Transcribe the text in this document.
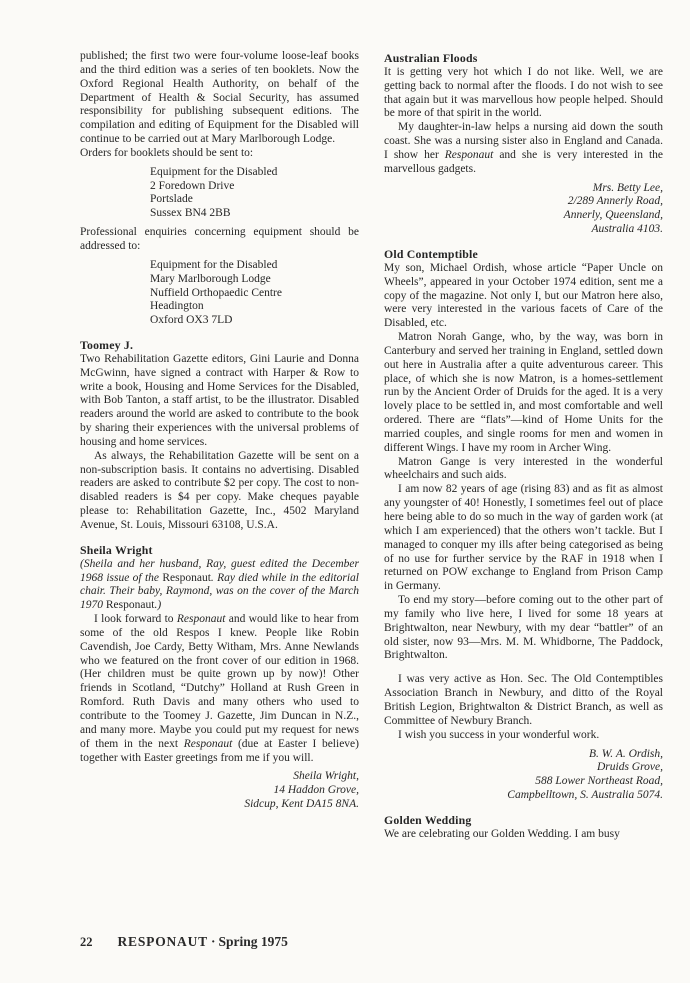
published; the first two were four-volume loose-leaf books and the third edition was a series of ten booklets. Now the Oxford Regional Health Authority, on behalf of the Department of Health & Social Security, has assumed responsibility for publishing subsequent editions. The compilation and editing of Equipment for the Disabled will continue to be carried out at Mary Marlborough Lodge.

Orders for booklets should be sent to:

Equipment for the Disabled
2 Foredown Drive
Portslade
Sussex BN4 2BB

Professional enquiries concerning equipment should be addressed to:

Equipment for the Disabled
Mary Marlborough Lodge
Nuffield Orthopaedic Centre
Headington
Oxford OX3 7LD
Toomey J.

Two Rehabilitation Gazette editors, Gini Laurie and Donna McGwinn, have signed a contract with Harper & Row to write a book, Housing and Home Services for the Disabled, with Bob Tanton, a staff artist, to be the illustrator. Disabled readers around the world are asked to contribute to the book by sharing their experiences with the universal problems of housing and home services.

As always, the Rehabilitation Gazette will be sent on a non-subscription basis. It contains no advertising. Disabled readers are asked to contribute $2 per copy. The cost to non-disabled readers is $4 per copy. Make cheques payable please to: Rehabilitation Gazette, Inc., 4502 Maryland Avenue, St. Louis, Missouri 63108, U.S.A.

Sheila Wright

(Sheila and her husband, Ray, guest edited the December 1968 issue of the Responaut. Ray died while in the editorial chair. Their baby, Raymond, was on the cover of the March 1970 Responaut.)

I look forward to Responaut and would like to hear from some of the old Respos I knew. People like Robin Cavendish, Joe Cardy, Betty Witham, Mrs. Anne Newlands who we featured on the front cover of our edition in 1968. (Her children must be quite grown up by now)! Other friends in Scotland, “Dutchy” Holland at Rush Green in Romford. Ruth Davis and many others who used to contribute to the Toomey J. Gazette, Jim Duncan in N.Z., and many more. Maybe you could put my request for news of them in the next Responaut (due at Easter I believe) together with Easter greetings from me if you will.

Sheila Wright,
14 Haddon Grove,
Sidcup, Kent DA15 8NA.
Australian Floods

It is getting very hot which I do not like. Well, we are getting back to normal after the floods. I do not wish to see that again but it was marvellous how people helped. Should be more of that spirit in the world.

My daughter-in-law helps a nursing aid down the south coast. She was a nursing sister also in England and Canada. I show her Responaut and she is very interested in the marvellous gadgets.

Mrs. Betty Lee,
2/289 Annerly Road,
Annerly, Queensland,
Australia 4103.
Old Contemptible

My son, Michael Ordish, whose article “Paper Uncle on Wheels”, appeared in your October 1974 edition, sent me a copy of the magazine. Not only I, but our Matron here also, were very interested in the various facets of Care of the Disabled, etc.

Matron Norah Gange, who, by the way, was born in Canterbury and served her training in England, settled down out here in Australia after a quite adventurous career. This place, of which she is now Matron, is a homes-settlement run by the Ancient Order of Druids for the aged. It is a very lovely place to be settled in, and most comfortable and well ordered. There are “flats”—kind of Home Units for the married couples, and single rooms for men and women in different Wings. I have my room in Archer Wing.

Matron Gange is very interested in the wonderful wheelchairs and such aids.

I am now 82 years of age (rising 83) and as fit as almost any youngster of 40! Honestly, I sometimes feel out of place here being able to do so much in the way of garden work (at which I am experienced) that the others won’t tackle. But I managed to conquer my ills after being categorised as being of no use for further service by the RAF in 1918 when I returned on POW exchange to England from Prison Camp in Germany.

To end my story—before coming out to the other part of my family who live here, I lived for some 18 years at Brightwalton, near Newbury, with my dear “battler” of an old sister, now 93—Mrs. M. M. Whidborne, The Paddock, Brightwalton.

I was very active as Hon. Sec. The Old Contemptibles Association Branch in Newbury, and ditto of the Royal British Legion, Brightwalton & District Branch, as well as Committee of Newbury Branch.

I wish you success in your wonderful work.

B. W. A. Ordish,
Druids Grove,
588 Lower Northeast Road,
Campbelltown, S. Australia 5074.
Golden Wedding

We are celebrating our Golden Wedding. I am busy

22 RESPONAUT · Spring 1975
